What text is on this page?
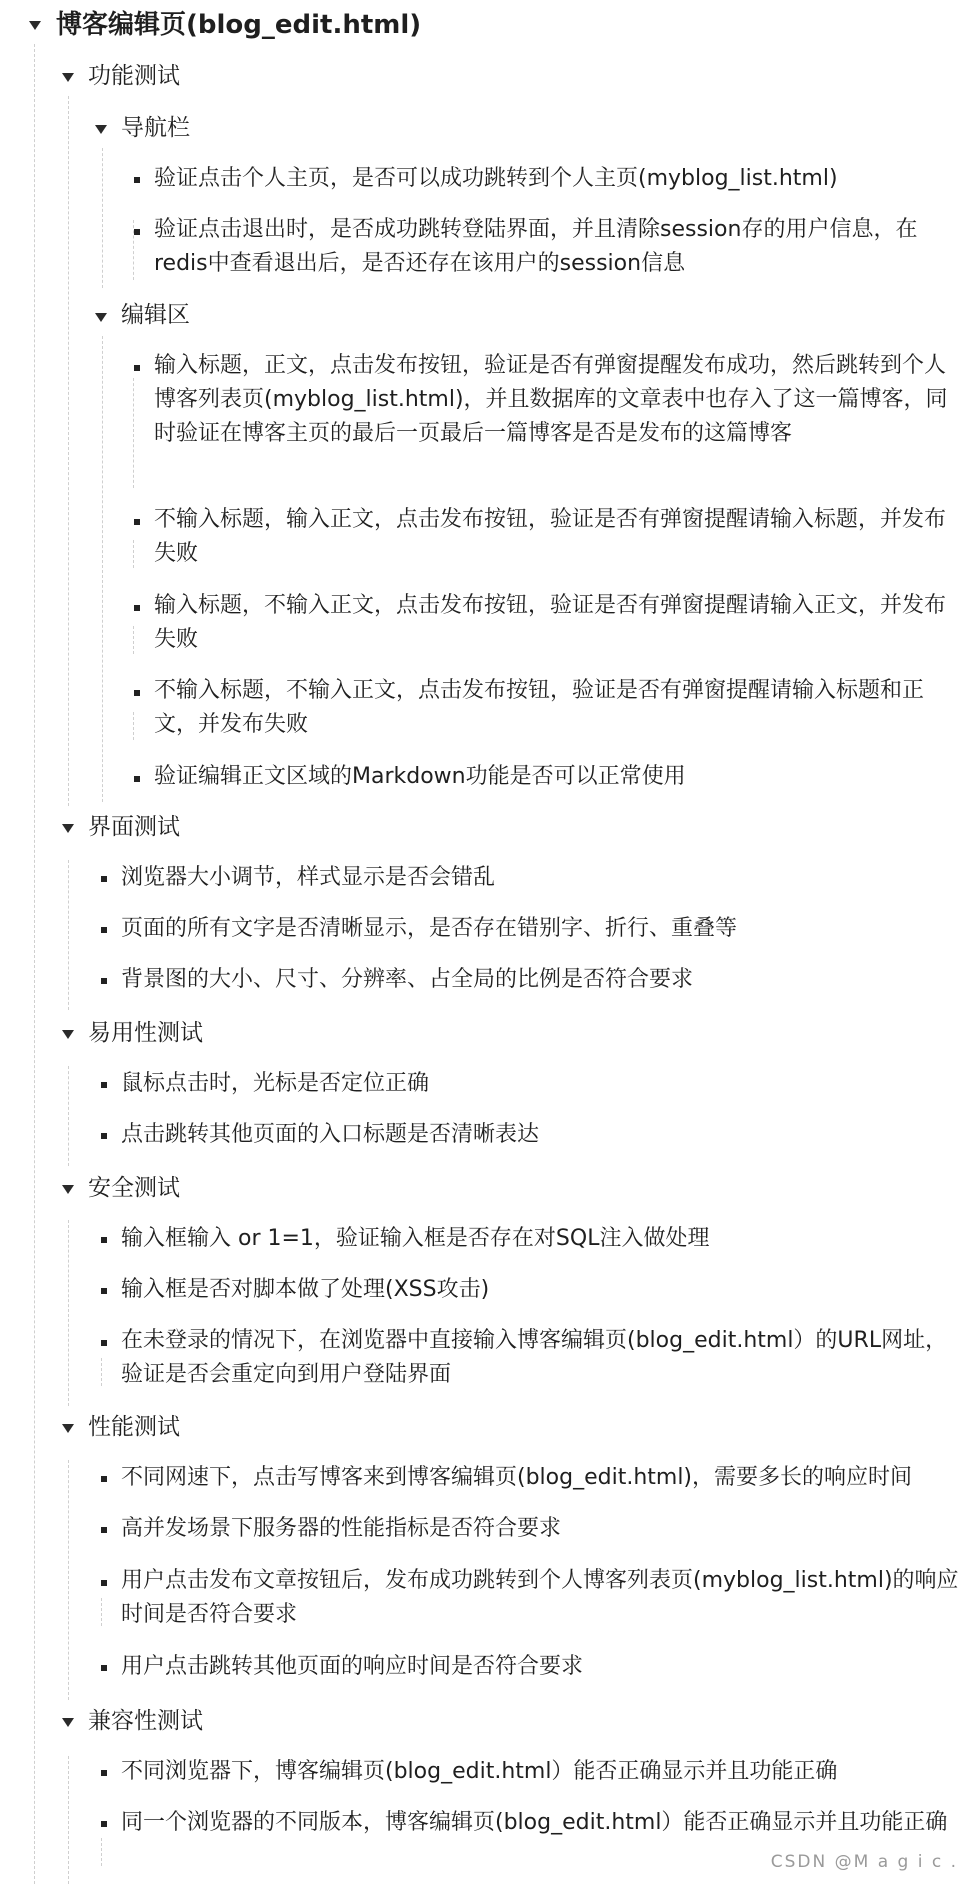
博客编辑页(blog_edit.html)
功能测试
导航栏
验证点击个人主页，是否可以成功跳转到个人主页(myblog_list.html)
验证点击退出时，是否成功跳转登陆界面，并且清除session存的用户信息，在redis中查看退出后，是否还存在该用户的session信息
编辑区
输入标题，正文，点击发布按钮，验证是否有弹窗提醒发布成功，然后跳转到个人博客列表页(myblog_list.html)，并且数据库的文章表中也存入了这一篇博客，同时验证在博客主页的最后一页最后一篇博客是否是发布的这篇博客
不输入标题，输入正文，点击发布按钮，验证是否有弹窗提醒请输入标题，并发布失败
输入标题，不输入正文，点击发布按钮，验证是否有弹窗提醒请输入正文，并发布失败
不输入标题，不输入正文，点击发布按钮，验证是否有弹窗提醒请输入标题和正文，并发布失败
验证编辑正文区域的Markdown功能是否可以正常使用
界面测试
浏览器大小调节，样式显示是否会错乱
页面的所有文字是否清晰显示，是否存在错别字、折行、重叠等
背景图的大小、尺寸、分辨率、占全局的比例是否符合要求
易用性测试
鼠标点击时，光标是否定位正确
点击跳转其他页面的入口标题是否清晰表达
安全测试
输入框输入 or 1=1，验证输入框是否存在对SQL注入做处理
输入框是否对脚本做了处理(XSS攻击)
在未登录的情况下，在浏览器中直接输入博客编辑页(blog_edit.html）的URL网址，验证是否会重定向到用户登陆界面
性能测试
不同网速下，点击写博客来到博客编辑页(blog_edit.html)，需要多长的响应时间
高并发场景下服务器的性能指标是否符合要求
用户点击发布文章按钮后，发布成功跳转到个人博客列表页(myblog_list.html)的响应时间是否符合要求
用户点击跳转其他页面的响应时间是否符合要求
兼容性测试
不同浏览器下，博客编辑页(blog_edit.html）能否正确显示并且功能正确
同一个浏览器的不同版本，博客编辑页(blog_edit.html）能否正确显示并且功能正确
CSDN @M a g i c .
